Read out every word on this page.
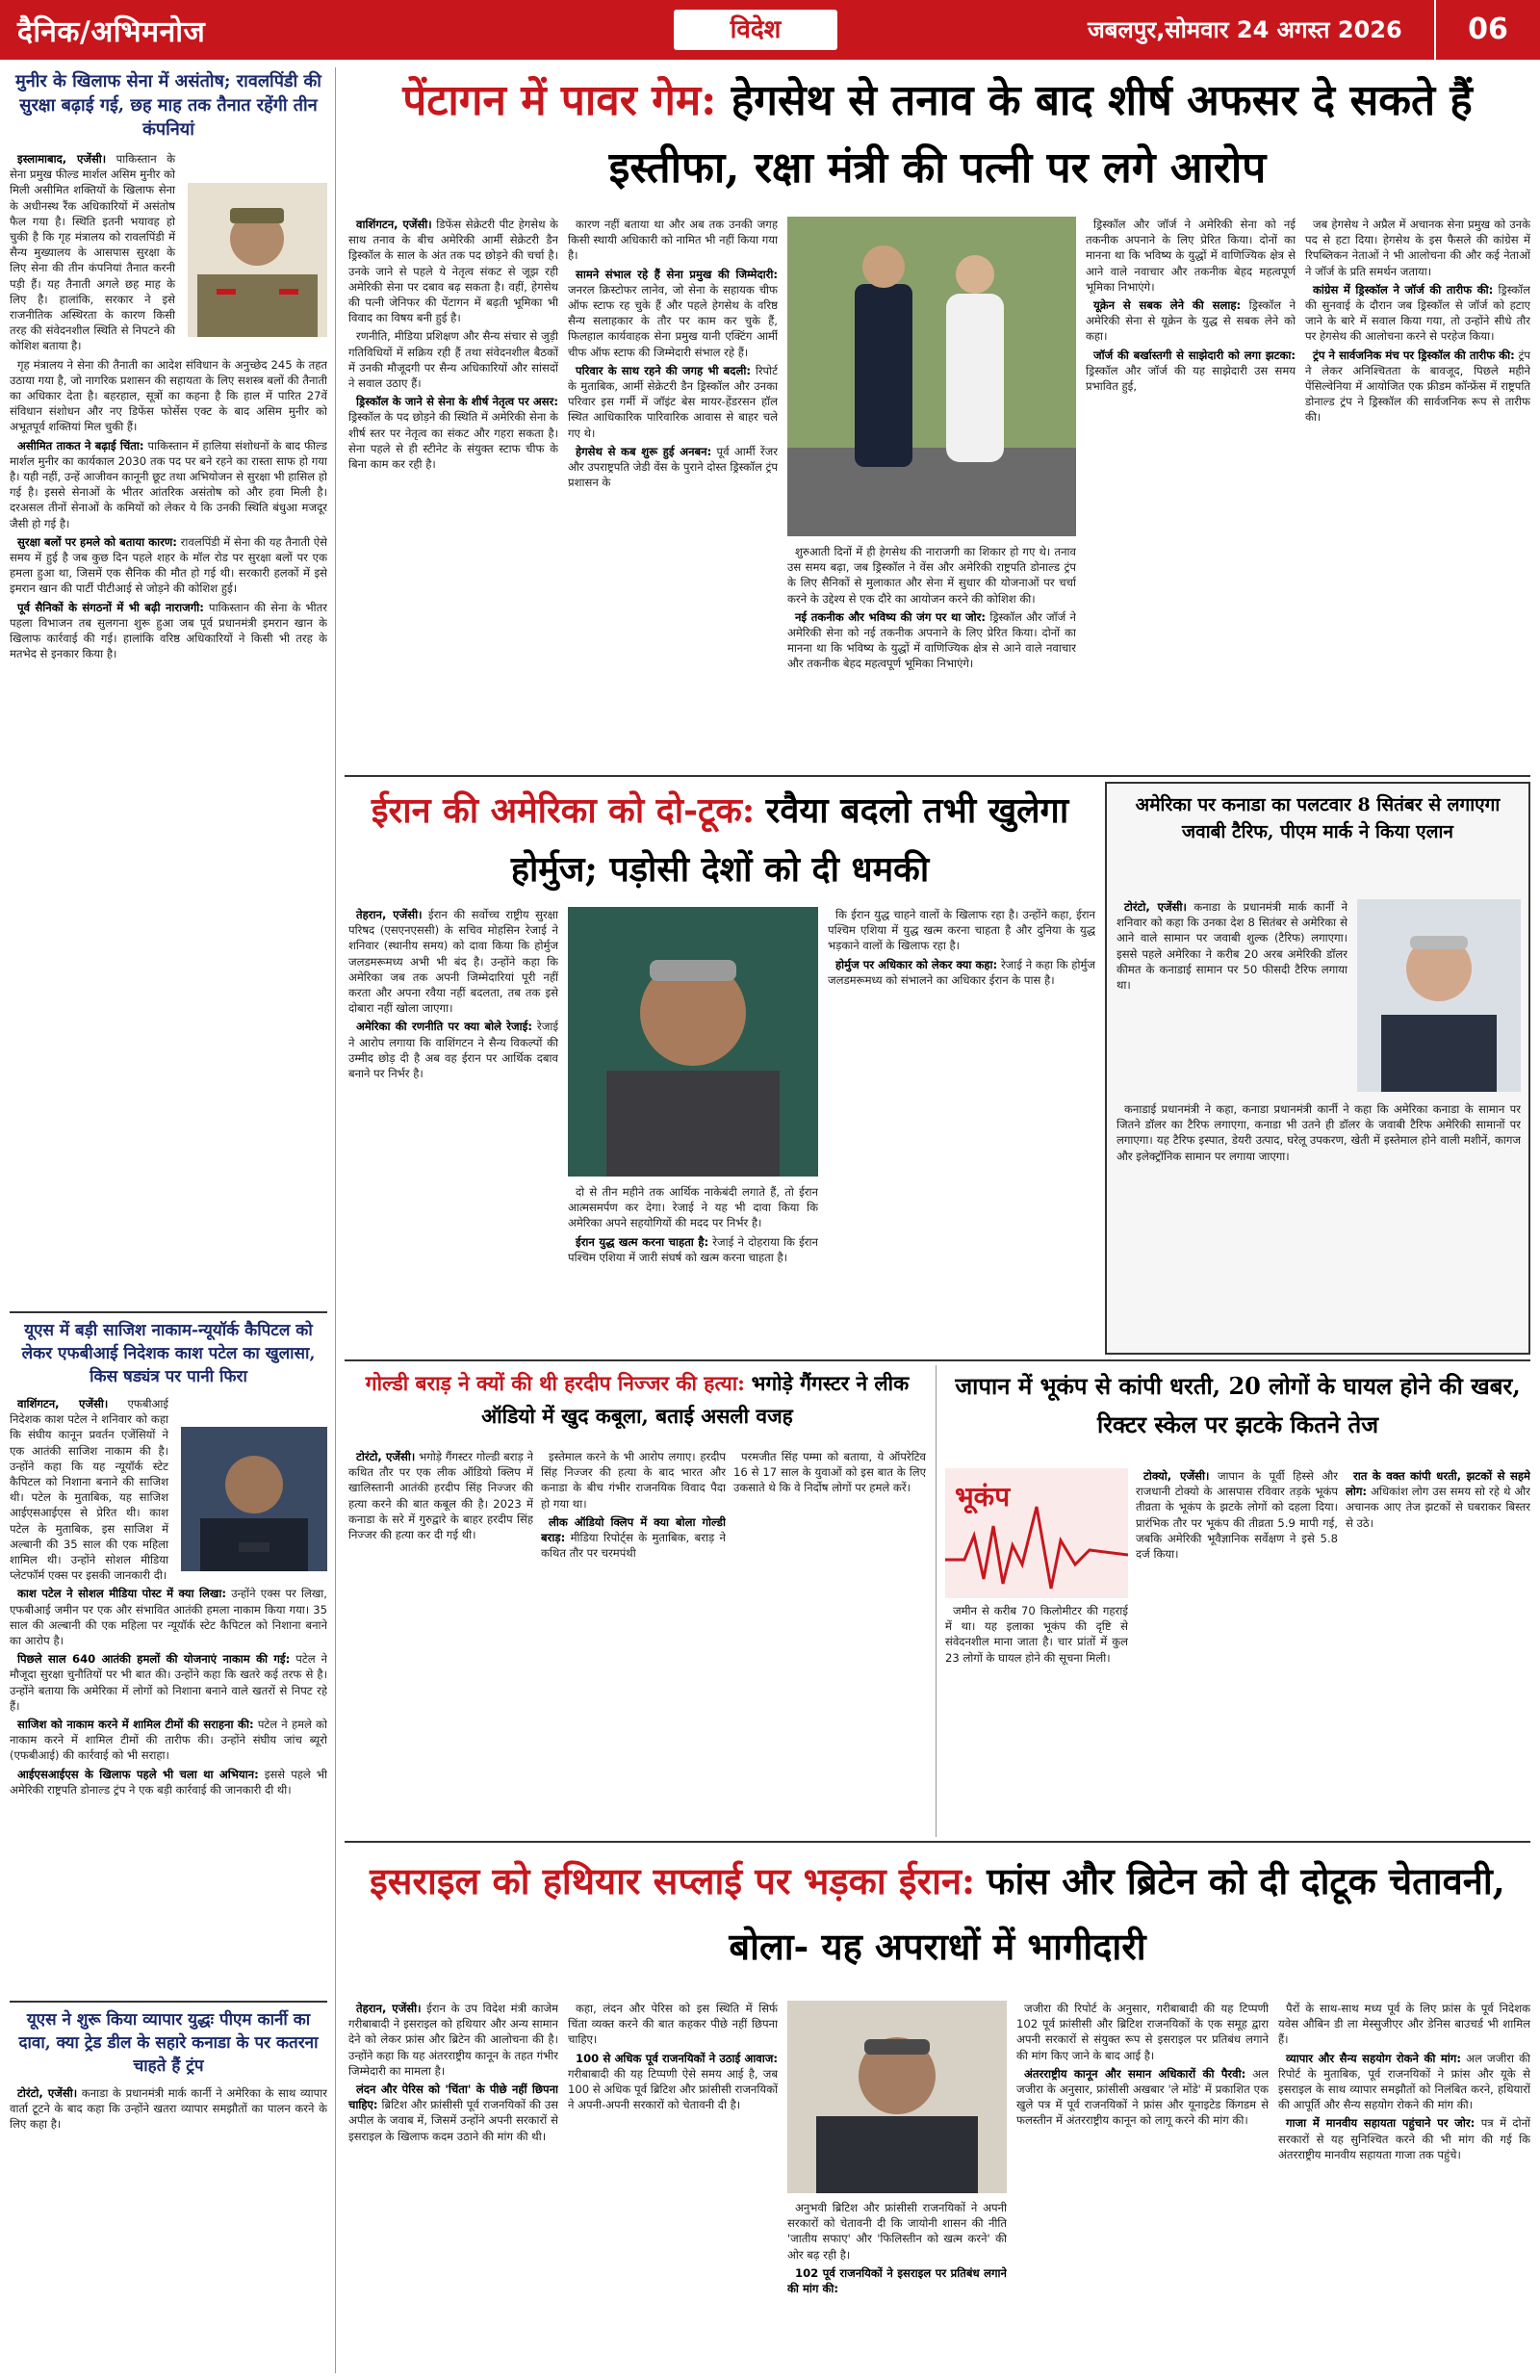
दैनिक/अभिमनोज	विदेश	जबलपुर,सोमवार 24 अगस्त 2026	06
मुनीर के खिलाफ सेना में असंतोष; रावलपिंडी की सुरक्षा बढ़ाई गई, छह माह तक तैनात रहेंगी तीन कंपनियां

इस्लामाबाद, एजेंसी। पाकिस्तान के सेना प्रमुख फील्ड मार्शल असिम मुनीर को मिली असीमित शक्तियों के खिलाफ सेना के अधीनस्थ रैंक अधिकारियों में असंतोष फैल गया है। स्थिति इतनी भयावह हो चुकी है कि गृह मंत्रालय को रावलपिंडी में सैन्य मुख्यालय के आसपास सुरक्षा के लिए सेना की तीन कंपनियां तैनात करनी पड़ी हैं। यह तैनाती अगले छह माह के लिए है। हालांकि, सरकार ने इसे राजनीतिक अस्थिरता के कारण किसी तरह की संवेदनशील स्थिति से निपटने की कोशिश बताया है।

गृह मंत्रालय ने सेना की तैनाती का आदेश संविधान के अनुच्छेद 245 के तहत उठाया गया है, जो नागरिक प्रशासन की सहायता के लिए सशस्त्र बलों की तैनाती का अधिकार देता है। बहरहाल, सूत्रों का कहना है कि हाल में पारित 27वें संविधान संशोधन और नए डिफेंस फोर्सेस एक्ट के बाद असिम मुनीर को अभूतपूर्व शक्तियां मिल चुकी हैं।

असीमित ताकत ने बढ़ाई चिंता: पाकिस्तान में हालिया संशोधनों के बाद फील्ड मार्शल मुनीर का कार्यकाल 2030 तक पद पर बने रहने का रास्ता साफ हो गया है। यही नहीं, उन्हें आजीवन कानूनी छूट तथा अभियोजन से सुरक्षा भी हासिल हो गई है। इससे सेनाओं के भीतर आंतरिक असंतोष को और हवा मिली है। दरअसल तीनों सेनाओं के कमियों को लेकर ये कि उनकी स्थिति बंधुआ मजदूर जैसी हो गई है।

सुरक्षा बलों पर हमले को बताया कारण: रावलपिंडी में सेना की यह तैनाती ऐसे समय में हुई है जब कुछ दिन पहले शहर के मॉल रोड पर सुरक्षा बलों पर एक हमला हुआ था, जिसमें एक सैनिक की मौत हो गई थी। सरकारी हलकों में इसे इमरान खान की पार्टी पीटीआई से जोड़ने की कोशिश हुई।

पूर्व सैनिकों के संगठनों में भी बढ़ी नाराजगी: पाकिस्तान की सेना के भीतर पहला विभाजन तब सुलगना शुरू हुआ जब पूर्व प्रधानमंत्री इमरान खान के खिलाफ कार्रवाई की गई। हालांकि वरिष्ठ अधिकारियों ने किसी भी तरह के मतभेद से इनकार किया है।

यूएस में बड़ी साजिश नाकाम-न्यूयॉर्क कैपिटल को लेकर एफबीआई निदेशक काश पटेल का खुलासा, किस षड्यंत्र पर पानी फिरा

वाशिंगटन, एजेंसी। एफबीआई निदेशक काश पटेल ने शनिवार को कहा कि संघीय कानून प्रवर्तन एजेंसियों ने एक आतंकी साजिश नाकाम की है। उन्होंने कहा कि यह न्यूयॉर्क स्टेट कैपिटल को निशाना बनाने की साजिश थी। पटेल के मुताबिक, यह साजिश आईएसआईएस से प्रेरित थी। काश पटेल के मुताबिक, इस साजिश में अल्बानी की 35 साल की एक महिला शामिल थी। उन्होंने सोशल मीडिया प्लेटफॉर्म एक्स पर इसकी जानकारी दी।

काश पटेल ने सोशल मीडिया पोस्ट में क्या लिखा: उन्होंने एक्स पर लिखा, एफबीआई जमीन पर एक और संभावित आतंकी हमला नाकाम किया गया। 35 साल की अल्बानी की एक महिला पर न्यूयॉर्क स्टेट कैपिटल को निशाना बनाने का आरोप है।

पिछले साल 640 आतंकी हमलों की योजनाएं नाकाम की गई: पटेल ने मौजूदा सुरक्षा चुनौतियों पर भी बात की। उन्होंने कहा कि खतरे कई तरफ से है। उन्होंने बताया कि अमेरिका में लोगों को निशाना बनाने वाले खतरों से निपट रहे हैं।

साजिश को नाकाम करने में शामिल टीमों की सराहना की: पटेल ने हमले को नाकाम करने में शामिल टीमों की तारीफ की। उन्होंने संघीय जांच ब्यूरो (एफबीआई) की कार्रवाई को भी सराहा।

आईएसआईएस के खिलाफ पहले भी चला था अभियान: इससे पहले भी अमेरिकी राष्ट्रपति डोनाल्ड ट्रंप ने एक बड़ी कार्रवाई की जानकारी दी थी।

यूएस ने शुरू किया व्यापार युद्धः पीएम कार्नी का दावा, क्या ट्रेड डील के सहारे कनाडा के पर कतरना चाहते हैं ट्रंप

टोरंटो, एजेंसी। कनाडा के प्रधानमंत्री मार्क कार्नी ने अमेरिका के साथ व्यापार वार्ता टूटने के बाद कहा कि उन्होंने खतरा व्यापार समझौतों का पालन करने के लिए कहा है।

पेंटागन में पावर गेम: हेगसेथ से तनाव के बाद शीर्ष अफसर दे सकते हैं इस्तीफा, रक्षा मंत्री की पत्नी पर लगे आरोप

वाशिंगटन, एजेंसी। डिफेंस सेक्रेटरी पीट हेगसेथ के साथ तनाव के बीच अमेरिकी आर्मी सेक्रेटरी डैन ड्रिस्कॉल के साल के अंत तक पद छोड़ने की चर्चा है। उनके जाने से पहले ये नेतृत्व संकट से जूझ रही अमेरिकी सेना पर दबाव बढ़ सकता है। वहीं, हेगसेथ की पत्नी जेनिफर की पेंटागन में बढ़ती भूमिका भी विवाद का विषय बनी हुई है।

रणनीति, मीडिया प्रशिक्षण और सैन्य संचार से जुड़ी गतिविधियों में सक्रिय रही हैं तथा संवेदनशील बैठकों में उनकी मौजूदगी पर सैन्य अधिकारियों और सांसदों ने सवाल उठाए हैं।

ड्रिस्कॉल के जाने से सेना के शीर्ष नेतृत्व पर असर: ड्रिस्कॉल के पद छोड़ने की स्थिति में अमेरिकी सेना के शीर्ष स्तर पर नेतृत्व का संकट और गहरा सकता है। सेना पहले से ही स्टीनेट के संयुक्त स्टाफ चीफ के बिना काम कर रही है।

कारण नहीं बताया था और अब तक उनकी जगह किसी स्थायी अधिकारी को नामित भी नहीं किया गया है।

सामने संभाल रहे हैं सेना प्रमुख की जिम्मेदारी: जनरल क्रिस्टोफर लानेव, जो सेना के सहायक चीफ ऑफ स्टाफ रह चुके हैं और पहले हेगसेथ के वरिष्ठ सैन्य सलाहकार के तौर पर काम कर चुके हैं, फिलहाल कार्यवाहक सेना प्रमुख यानी एक्टिंग आर्मी चीफ ऑफ स्टाफ की जिम्मेदारी संभाल रहे हैं।

परिवार के साथ रहने की जगह भी बदली: रिपोर्ट के मुताबिक, आर्मी सेक्रेटरी डैन ड्रिस्कॉल और उनका परिवार इस गर्मी में जॉइंट बेस मायर-हेंडरसन हॉल स्थित आधिकारिक पारिवारिक आवास से बाहर चले गए थे।

हेगसेथ से कब शुरू हुई अनबन: पूर्व आर्मी रेंजर और उपराष्ट्रपति जेडी वेंस के पुराने दोस्त ड्रिस्कॉल ट्रंप प्रशासन के

शुरुआती दिनों में ही हेगसेथ की नाराजगी का शिकार हो गए थे। तनाव उस समय बढ़ा, जब ड्रिस्कॉल ने वेंस और अमेरिकी राष्ट्रपति डोनाल्ड ट्रंप के लिए सैनिकों से मुलाकात और सेना में सुधार की योजनाओं पर चर्चा करने के उद्देश्य से एक दौरे का आयोजन करने की कोशिश की।

नई तकनीक और भविष्य की जंग पर था जोर: ड्रिस्कॉल और जॉर्ज ने अमेरिकी सेना को नई तकनीक अपनाने के लिए प्रेरित किया। दोनों का मानना था कि भविष्य के युद्धों में वाणिज्यिक क्षेत्र से आने वाले नवाचार और तकनीक बेहद महत्वपूर्ण भूमिका निभाएंगे।

ड्रिस्कॉल और जॉर्ज ने अमेरिकी सेना को नई तकनीक अपनाने के लिए प्रेरित किया। दोनों का मानना था कि भविष्य के युद्धों में वाणिज्यिक क्षेत्र से आने वाले नवाचार और तकनीक बेहद महत्वपूर्ण भूमिका निभाएंगे।

यूक्रेन से सबक लेने की सलाह: ड्रिस्कॉल ने अमेरिकी सेना से यूक्रेन के युद्ध से सबक लेने को कहा।

जॉर्ज की बर्खास्तगी से साझेदारी को लगा झटका: ड्रिस्कॉल और जॉर्ज की यह साझेदारी उस समय प्रभावित हुई,

जब हेगसेथ ने अप्रैल में अचानक सेना प्रमुख को उनके पद से हटा दिया। हेगसेथ के इस फैसले की कांग्रेस में रिपब्लिकन नेताओं ने भी आलोचना की और कई नेताओं ने जॉर्ज के प्रति समर्थन जताया।

कांग्रेस में ड्रिस्कॉल ने जॉर्ज की तारीफ की: ड्रिस्कॉल की सुनवाई के दौरान जब ड्रिस्कॉल से जॉर्ज को हटाए जाने के बारे में सवाल किया गया, तो उन्होंने सीधे तौर पर हेगसेथ की आलोचना करने से परहेज किया।

ट्रंप ने सार्वजनिक मंच पर ड्रिस्कॉल की तारीफ की: ट्रंप ने लेकर अनिश्चितता के बावजूद, पिछले महीने पेंसिल्वेनिया में आयोजित एक फ्रीडम कॉन्फ्रेंस में राष्ट्रपति डोनाल्ड ट्रंप ने ड्रिस्कॉल की सार्वजनिक रूप से तारीफ की।

ईरान की अमेरिका को दो-टूक: रवैया बदलो तभी खुलेगा होर्मुज; पड़ोसी देशों को दी धमकी

तेहरान, एजेंसी। ईरान की सर्वोच्च राष्ट्रीय सुरक्षा परिषद (एसएनएससी) के सचिव मोहसिन रेजाई ने शनिवार (स्थानीय समय) को दावा किया कि होर्मुज जलडमरूमध्य अभी भी बंद है। उन्होंने कहा कि अमेरिका जब तक अपनी जिम्मेदारियां पूरी नहीं करता और अपना रवैया नहीं बदलता, तब तक इसे दोबारा नहीं खोला जाएगा।

अमेरिका की रणनीति पर क्या बोले रेजाई: रेजाई ने आरोप लगाया कि वाशिंगटन ने सैन्य विकल्पों की उम्मीद छोड़ दी है अब वह ईरान पर आर्थिक दबाव बनाने पर निर्भर है।

दो से तीन महीने तक आर्थिक नाकेबंदी लगाते हैं, तो ईरान आत्मसमर्पण कर देगा। रेजाई ने यह भी दावा किया कि अमेरिका अपने सहयोगियों की मदद पर निर्भर है।

ईरान युद्ध खत्म करना चाहता है: रेजाई ने दोहराया कि ईरान पश्चिम एशिया में जारी संघर्ष को खत्म करना चाहता है।

कि ईरान युद्ध चाहने वालों के खिलाफ रहा है। उन्होंने कहा, ईरान पश्चिम एशिया में युद्ध खत्म करना चाहता है और दुनिया के युद्ध भड़काने वालों के खिलाफ रहा है।

होर्मुज पर अधिकार को लेकर क्या कहा: रेजाई ने कहा कि होर्मुज जलडमरूमध्य को संभालने का अधिकार ईरान के पास है।

अमेरिका पर कनाडा का पलटवार 8 सितंबर से लगाएगा जवाबी टैरिफ, पीएम मार्क ने किया एलान

टोरंटो, एजेंसी। कनाडा के प्रधानमंत्री मार्क कार्नी ने शनिवार को कहा कि उनका देश 8 सितंबर से अमेरिका से आने वाले सामान पर जवाबी शुल्क (टैरिफ) लगाएगा। इससे पहले अमेरिका ने करीब 20 अरब अमेरिकी डॉलर कीमत के कनाडाई सामान पर 50 फीसदी टैरिफ लगाया था।

कनाडाई प्रधानमंत्री ने कहा, कनाडा प्रधानमंत्री कार्नी ने कहा कि अमेरिका कनाडा के सामान पर जितने डॉलर का टैरिफ लगाएगा, कनाडा भी उतने ही डॉलर के जवाबी टैरिफ अमेरिकी सामानों पर लगाएगा। यह टैरिफ इस्पात, डेयरी उत्पाद, घरेलू उपकरण, खेती में इस्तेमाल होने वाली मशीनें, कागज और इलेक्ट्रॉनिक सामान पर लगाया जाएगा।

गोल्डी बराड़ ने क्यों की थी हरदीप निज्जर की हत्या: भगोड़े गैंगस्टर ने लीक ऑडियो में खुद कबूला, बताई असली वजह

टोरंटो, एजेंसी। भगोड़े गैंगस्टर गोल्डी बराड़ ने कथित तौर पर एक लीक ऑडियो क्लिप में खालिस्तानी आतंकी हरदीप सिंह निज्जर की हत्या करने की बात कबूल की है। 2023 में कनाडा के सरे में गुरुद्वारे के बाहर हरदीप सिंह निज्जर की हत्या कर दी गई थी।

इस्तेमाल करने के भी आरोप लगाए। हरदीप सिंह निज्जर की हत्या के बाद भारत और कनाडा के बीच गंभीर राजनयिक विवाद पैदा हो गया था।

लीक ऑडियो क्लिप में क्या बोला गोल्डी बराड़: मीडिया रिपोर्ट्स के मुताबिक, बराड़ ने कथित तौर पर चरमपंथी

परमजीत सिंह पम्मा को बताया, ये ऑपरेटिव 16 से 17 साल के युवाओं को इस बात के लिए उकसाते थे कि वे निर्दोष लोगों पर हमले करें।

जापान में भूकंप से कांपी धरती, 20 लोगों के घायल होने की खबर, रिक्टर स्केल पर झटके कितने तेज
भूकंप

टोक्यो, एजेंसी। जापान के पूर्वी हिस्से और राजधानी टोक्यो के आसपास रविवार तड़के भूकंप तीव्रता के भूकंप के झटके लोगों को दहला दिया। प्रारंभिक तौर पर भूकंप की तीव्रता 5.9 मापी गई, जबकि अमेरिकी भूवैज्ञानिक सर्वेक्षण ने इसे 5.8 दर्ज किया।

जमीन से करीब 70 किलोमीटर की गहराई में था। यह इलाका भूकंप की दृष्टि से संवेदनशील माना जाता है। चार प्रांतों में कुल 23 लोगों के घायल होने की सूचना मिली।

रात के वक्त कांपी धरती, झटकों से सहमे लोग: अधिकांश लोग उस समय सो रहे थे और अचानक आए तेज झटकों से घबराकर बिस्तर से उठे।

इसराइल को हथियार सप्लाई पर भड़का ईरान: फांस और ब्रिटेन को दी दोटूक चेतावनी, बोला- यह अपराधों में भागीदारी

तेहरान, एजेंसी। ईरान के उप विदेश मंत्री काजेम गरीबाबादी ने इसराइल को हथियार और अन्य सामान देने को लेकर फ्रांस और ब्रिटेन की आलोचना की है। उन्होंने कहा कि यह अंतरराष्ट्रीय कानून के तहत गंभीर जिम्मेदारी का मामला है।

लंदन और पेरिस को 'चिंता' के पीछे नहीं छिपना चाहिए: ब्रिटिश और फ्रांसीसी पूर्व राजनयिकों की उस अपील के जवाब में, जिसमें उन्होंने अपनी सरकारों से इसराइल के खिलाफ कदम उठाने की मांग की थी।

कहा, लंदन और पेरिस को इस स्थिति में सिर्फ चिंता व्यक्त करने की बात कहकर पीछे नहीं छिपना चाहिए।

100 से अधिक पूर्व राजनयिकों ने उठाई आवाज: गरीबाबादी की यह टिप्पणी ऐसे समय आई है, जब 100 से अधिक पूर्व ब्रिटिश और फ्रांसीसी राजनयिकों ने अपनी-अपनी सरकारों को चेतावनी दी है।

अनुभवी ब्रिटिश और फ्रांसीसी राजनयिकों ने अपनी सरकारों को चेतावनी दी कि जायोनी शासन की नीति 'जातीय सफाए' और 'फिलिस्तीन को खत्म करने' की ओर बढ़ रही है।

102 पूर्व राजनयिकों ने इसराइल पर प्रतिबंध लगाने की मांग की:

जजीरा की रिपोर्ट के अनुसार, गरीबाबादी की यह टिप्पणी 102 पूर्व फ्रांसीसी और ब्रिटिश राजनयिकों के एक समूह द्वारा अपनी सरकारों से संयुक्त रूप से इसराइल पर प्रतिबंध लगाने की मांग किए जाने के बाद आई है।

अंतरराष्ट्रीय कानून और समान अधिकारों की पैरवी: अल जजीरा के अनुसार, फ्रांसीसी अखबार 'ले मोंडे' में प्रकाशित एक खुले पत्र में पूर्व राजनयिकों ने फ्रांस और यूनाइटेड किंगडम से फलस्तीन में अंतरराष्ट्रीय कानून को लागू करने की मांग की।

पैरों के साथ-साथ मध्य पूर्व के लिए फ्रांस के पूर्व निदेशक यवेस औबिन डी ला मेस्सुजीएर और डेनिस बाउचर्ड भी शामिल हैं।

व्यापार और सैन्य सहयोग रोकने की मांग: अल जजीरा की रिपोर्ट के मुताबिक, पूर्व राजनयिकों ने फ्रांस और यूके से इसराइल के साथ व्यापार समझौतों को निलंबित करने, हथियारों की आपूर्ति और सैन्य सहयोग रोकने की मांग की।

गाजा में मानवीय सहायता पहुंचाने पर जोर: पत्र में दोनों सरकारों से यह सुनिश्चित करने की भी मांग की गई कि अंतरराष्ट्रीय मानवीय सहायता गाजा तक पहुंचे।
